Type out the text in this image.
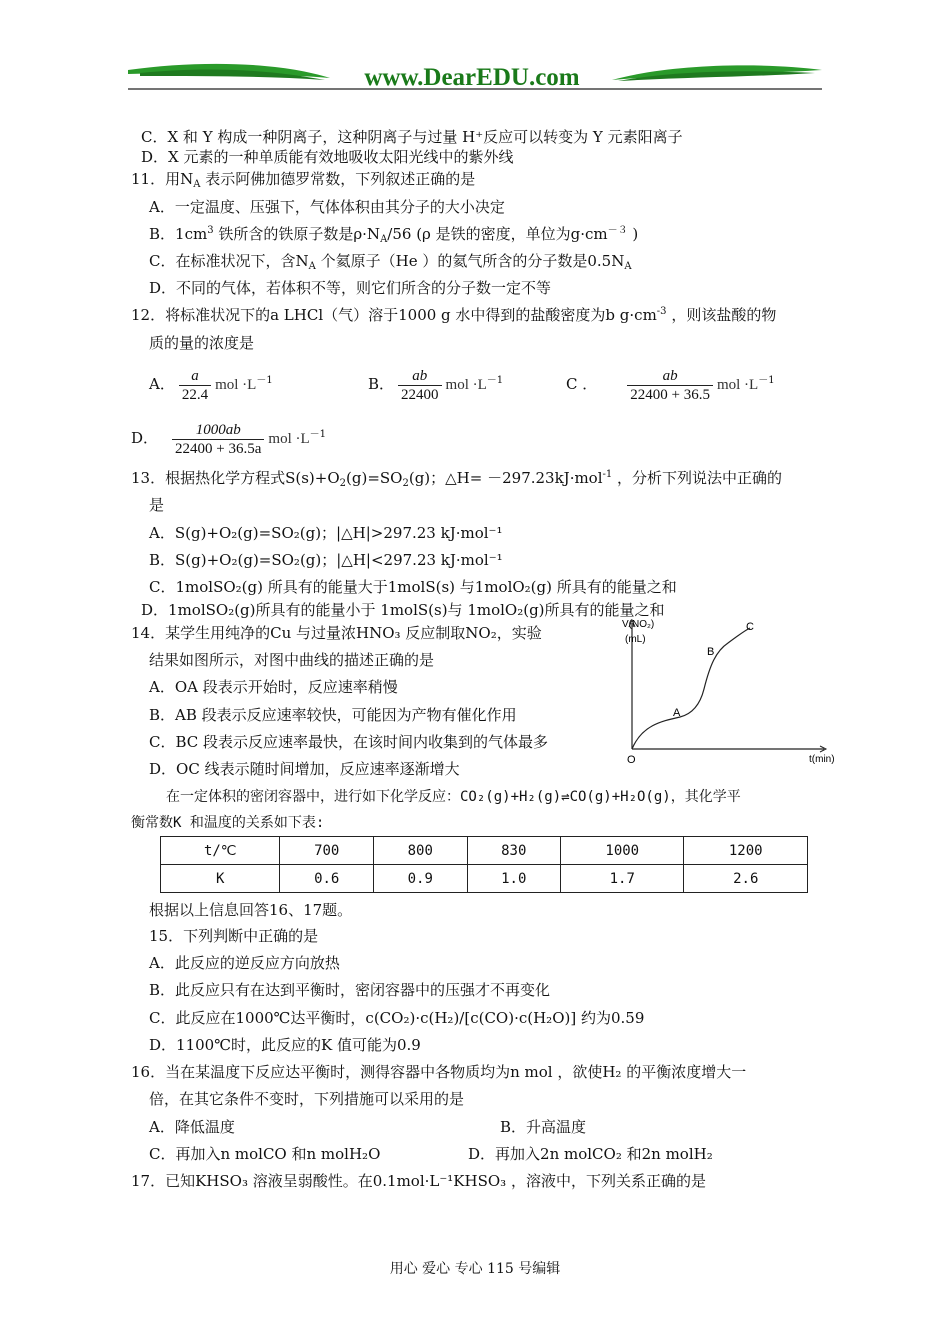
www.DearEDU.com
C．X 和 Y 构成一种阴离子，这种阴离子与过量 H⁺反应可以转变为 Y 元素阳离子
D．X 元素的一种单质能有效地吸收太阳光线中的紫外线
11．用$N_A$ 表示阿佛加德罗常数，下列叙述正确的是
A．一定温度、压强下，气体体积由其分子的大小决定
B．$1cm^3$ 铁所含的铁原子数是$\rho\cdot N_A/56$ (ρ 是铁的密度，单位为$g\cdot cm^{-3}$ )
C．在标准状况下，含$N_A$ 个氦原子（He ）的氦气所含的分子数是$0.5N_A$
D．不同的气体，若体积不等，则它们所含的分子数一定不等
12．将标准状况下的a LHCl（气）溶于1000 g 水中得到的盐酸密度为b $g\cdot cm^{-3}$ ，则该盐酸的物
质的量的浓度是
A． $\frac{a}{22.4}$ mol $\cdot L^{-1}$	B． $\frac{ab}{22400}$ mol $\cdot L^{-1}$	C ． $\frac{ab}{22400 + 36.5}$ mol $\cdot L^{-1}$
D． $\frac{1000ab}{22400 + 36.5a}$ mol $\cdot L^{-1}$
13．根据热化学方程式$S(s)+O_2(g)=SO_2(g)$；△H= －297.23kJ·mol$^{-1}$ ，分析下列说法中正确的
是
A．S(g)+O₂(g)=SO₂(g)；|△H|>297.23 kJ·mol⁻¹
B．S(g)+O₂(g)=SO₂(g)；|△H|<297.23 kJ·mol⁻¹
C．1molSO₂(g) 所具有的能量大于1molS(s) 与1molO₂(g) 所具有的能量之和
D．1molSO₂(g)所具有的能量小于 1molS(s)与 1molO₂(g)所具有的能量之和
14．某学生用纯净的Cu 与过量浓HNO₃ 反应制取NO₂，实验
结果如图所示，对图中曲线的描述正确的是
A．OA 段表示开始时，反应速率稍慢
B．AB 段表示反应速率较快，可能因为产物有催化作用
C．BC 段表示反应速率最快，在该时间内收集到的气体最多
D．OC 线表示随时间增加，反应速率逐渐增大
V(NO₂)
(mL)
t(min)
O
A
B
C
在一定体积的密闭容器中，进行如下化学反应：CO₂(g)+H₂(g)⇌CO(g)+H₂O(g)，其化学平
衡常数K 和温度的关系如下表:
t/℃	700	800	830	1000	1200
K	0.6	0.9	1.0	1.7	2.6
根据以上信息回答16、17题。
15．下列判断中正确的是
A．此反应的逆反应方向放热
B．此反应只有在达到平衡时，密闭容器中的压强才不再变化
C．此反应在1000℃达平衡时，c(CO₂)·c(H₂)/[c(CO)·c(H₂O)] 约为0.59
D．1100℃时，此反应的K 值可能为0.9
16．当在某温度下反应达平衡时，测得容器中各物质均为n mol ，欲使H₂ 的平衡浓度增大一
倍，在其它条件不变时，下列措施可以采用的是
A．降低温度	B．升高温度
C．再加入n molCO 和n molH₂O	D．再加入2n molCO₂ 和2n molH₂
17．已知KHSO₃ 溶液呈弱酸性。在0.1mol·L⁻¹KHSO₃ ，溶液中，下列关系正确的是
用心 爱心 专心 115 号编辑
